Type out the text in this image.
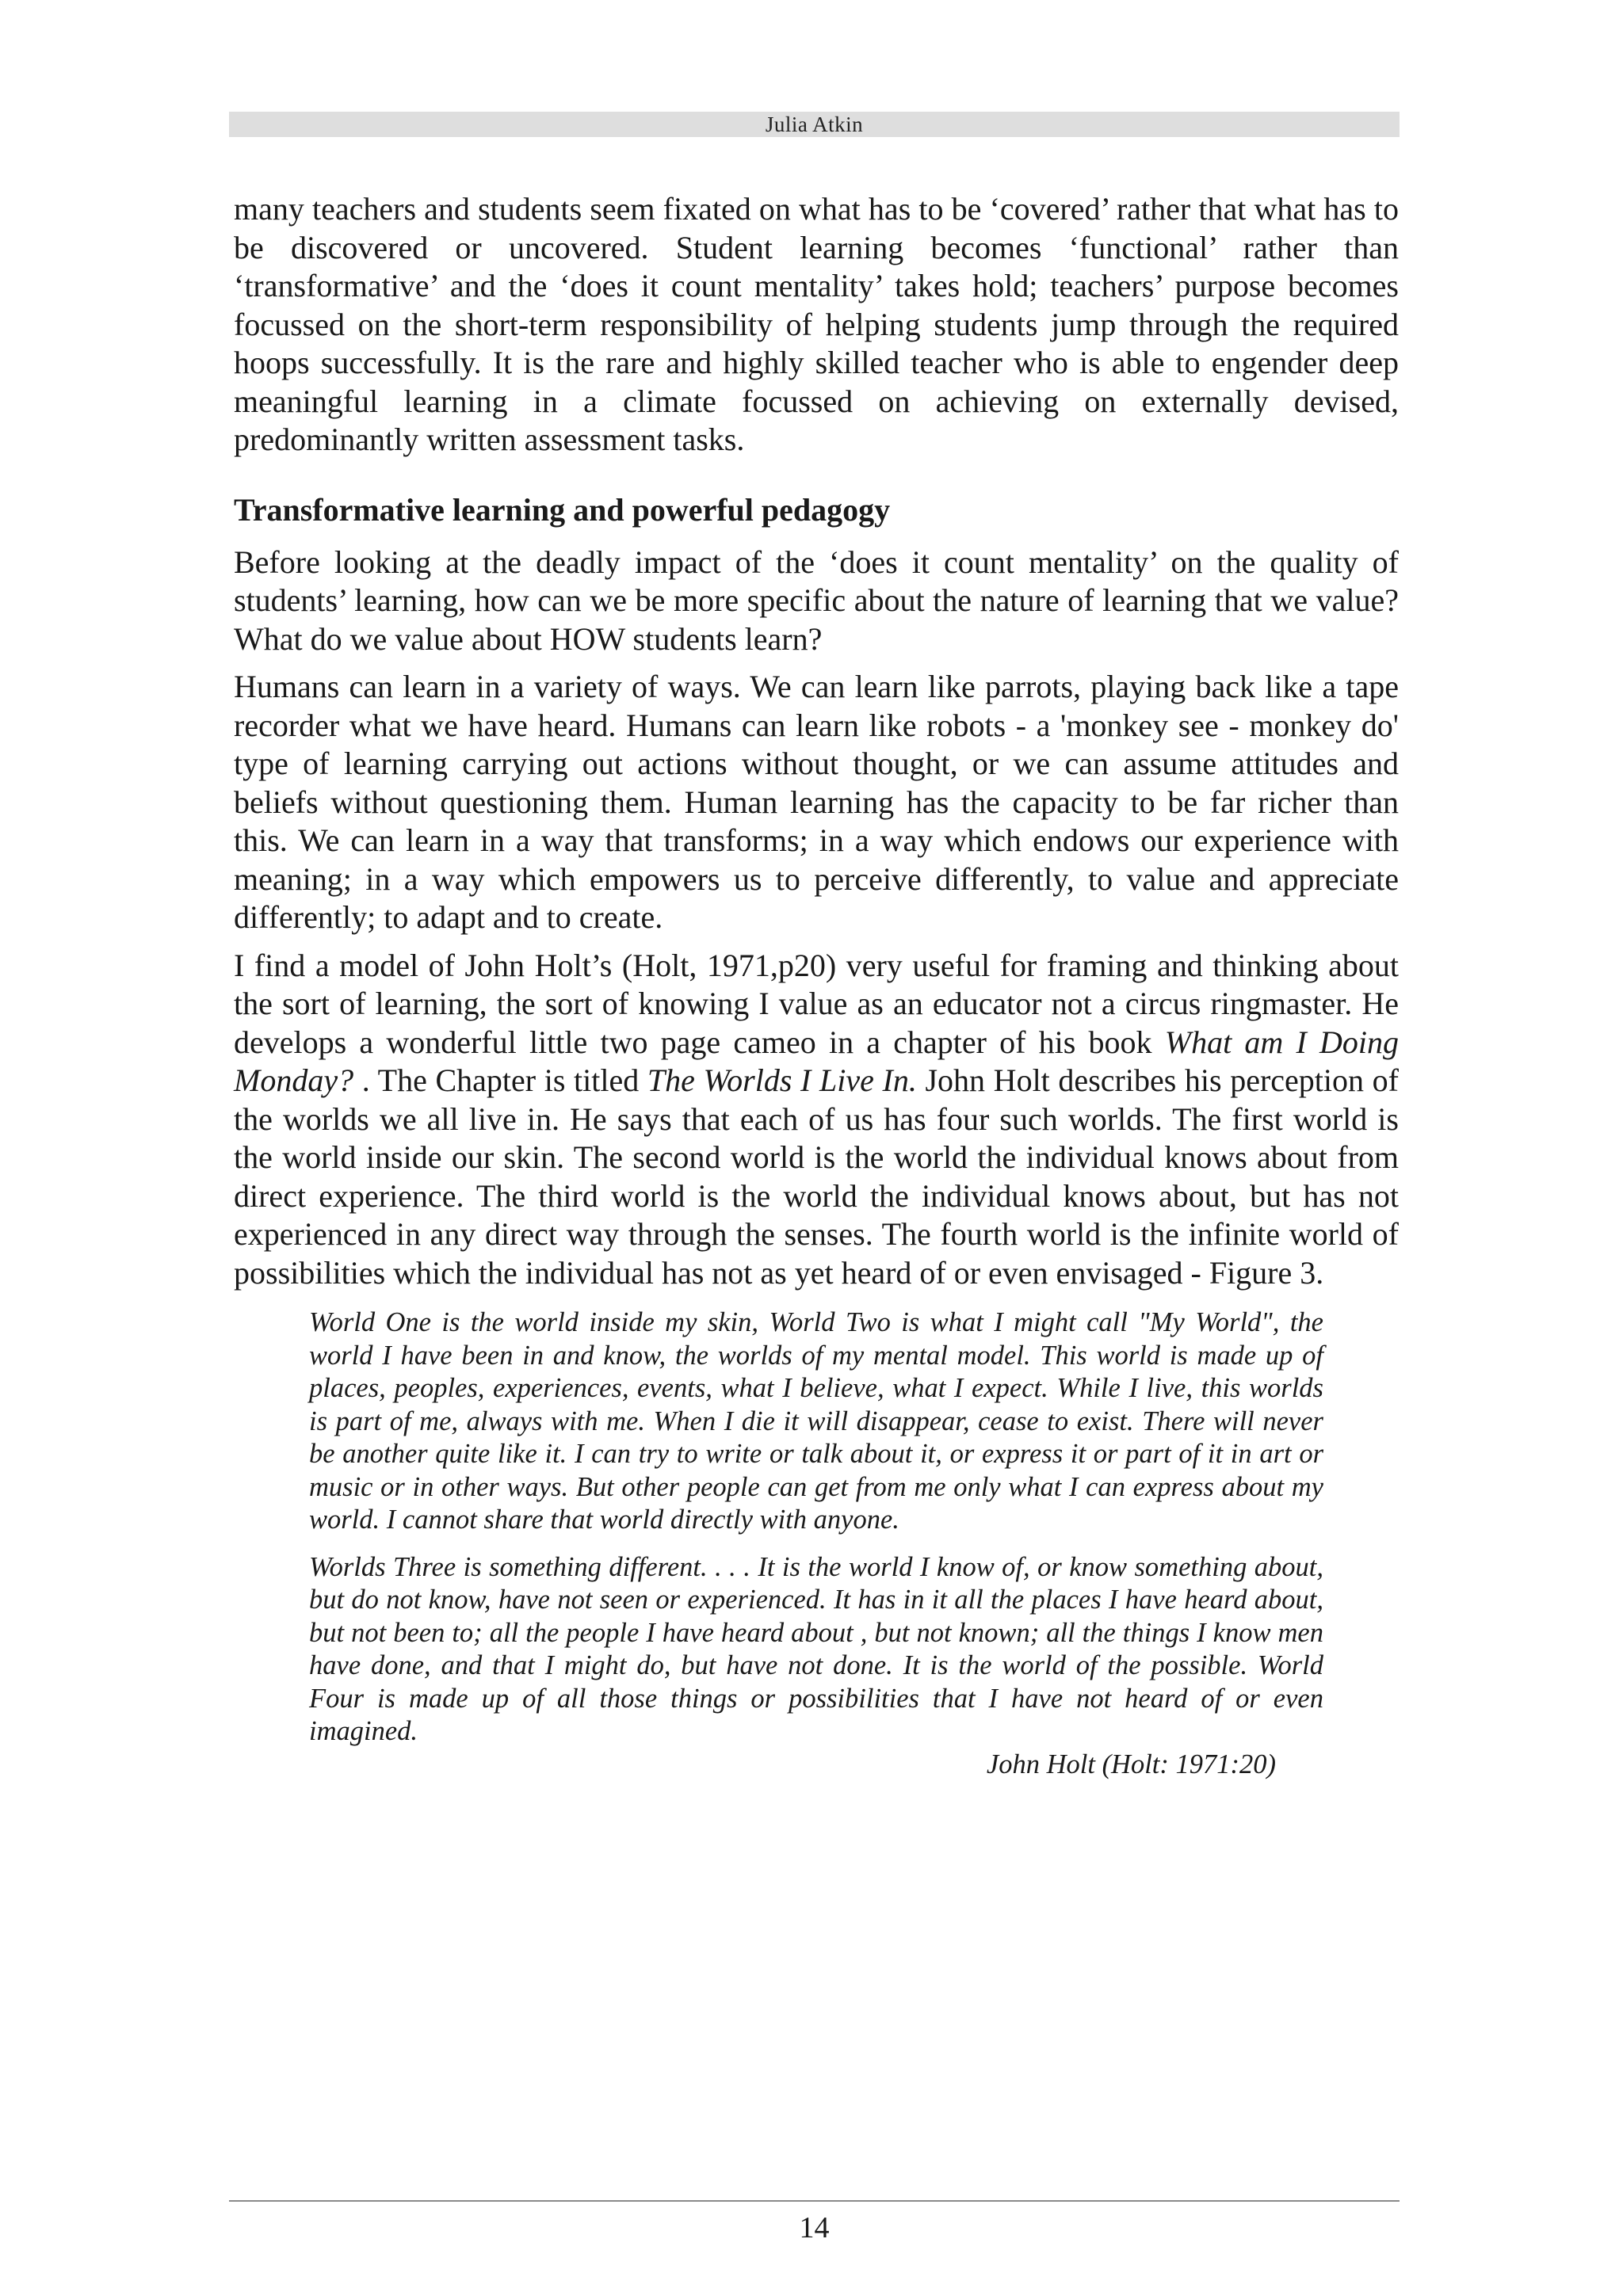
Julia Atkin

many teachers and students seem fixated on what has to be ‘covered’ rather that what has to be discovered or uncovered. Student learning becomes ‘functional’ rather than ‘transformative’ and the ‘does it count mentality’ takes hold; teachers’ purpose becomes focussed on the short-term responsibility of helping students jump through the required hoops successfully. It is the rare and highly skilled teacher who is able to engender deep meaningful learning in a climate focussed on achieving on externally devised, predominantly written assessment tasks.

Transformative learning and powerful pedagogy

Before looking at the deadly impact of the ‘does it count mentality’ on the quality of students’ learning, how can we be more specific about the nature of learning that we value? What do we value about HOW students learn?

Humans can learn in a variety of ways. We can learn like parrots, playing back like a tape recorder what we have heard. Humans can learn like robots - a 'monkey see - monkey do' type of learning carrying out actions without thought, or we can assume attitudes and beliefs without questioning them. Human learning has the capacity to be far richer than this. We can learn in a way that transforms; in a way which endows our experience with meaning; in a way which empowers us to perceive differently, to value and appreciate differently; to adapt and to create.

I find a model of John Holt’s (Holt, 1971,p20) very useful for framing and thinking about the sort of learning, the sort of knowing I value as an educator not a circus ringmaster. He develops a wonderful little two page cameo in a chapter of his book What am I Doing Monday? . The Chapter is titled The Worlds I Live In. John Holt describes his perception of the worlds we all live in. He says that each of us has four such worlds. The first world is the world inside our skin. The second world is the world the individual knows about from direct experience. The third world is the world the individual knows about, but has not experienced in any direct way through the senses. The fourth world is the infinite world of possibilities which the individual has not as yet heard of or even envisaged - Figure 3.

World One is the world inside my skin, World Two is what I might call "My World", the world I have been in and know, the worlds of my mental model. This world is made up of places, peoples, experiences, events, what I believe, what I expect. While I live, this worlds is part of me, always with me. When I die it will disappear, cease to exist. There will never be another quite like it. I can try to write or talk about it, or express it or part of it in art or music or in other ways. But other people can get from me only what I can express about my world. I cannot share that world directly with anyone.

Worlds Three is something different. . . . It is the world I know of, or know something about, but do not know, have not seen or experienced. It has in it all the places I have heard about, but not been to; all the people I have heard about , but not known; all the things I know men have done, and that I might do, but have not done. It is the world of the possible. World Four is made up of all those things or possibilities that I have not heard of or even imagined.

John Holt (Holt: 1971:20)

14
